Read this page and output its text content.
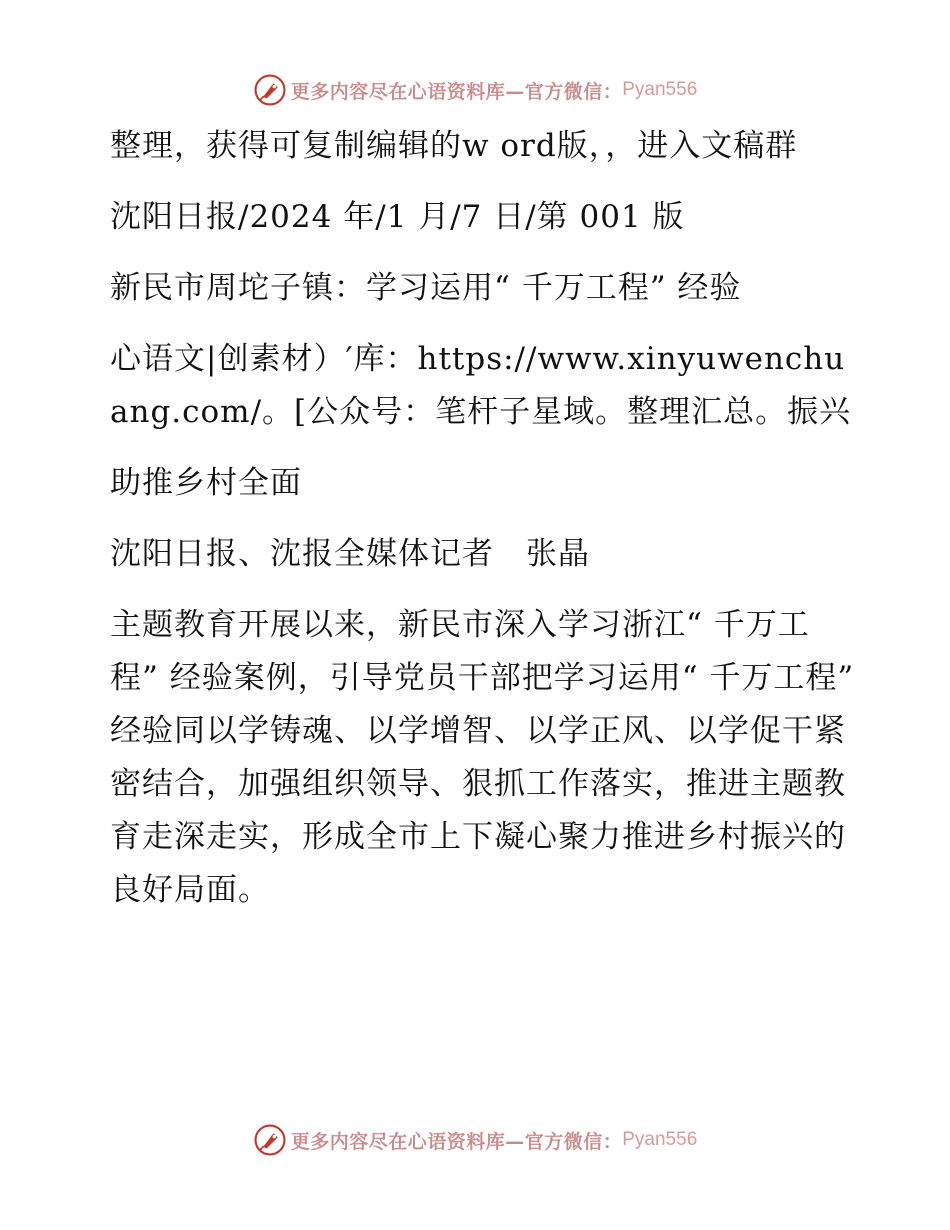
更多内容尽在心语资料库—官方微信： Pyan556

整理，获得可复制编辑的w ord版，，进入文稿群

沈阳日报/2024 年/1 月/7 日/第 001 版

新民市周坨子镇：学习运用“ 千万工程” 经验

心语文|创素材）′库：https://www.xinyuwenchuang.com/。[公众号：笔杆子星域。整理汇总。振兴

助推乡村全面

沈阳日报、沈报全媒体记者　张晶

主题教育开展以来，新民市深入学习浙江“ 千万工程” 经验案例，引导党员干部把学习运用“ 千万工程” 经验同以学铸魂、以学增智、以学正风、以学促干紧密结合，加强组织领导、狠抓工作落实，推进主题教育走深走实，形成全市上下凝心聚力推进乡村振兴的良好局面。

更多内容尽在心语资料库—官方微信： Pyan556
